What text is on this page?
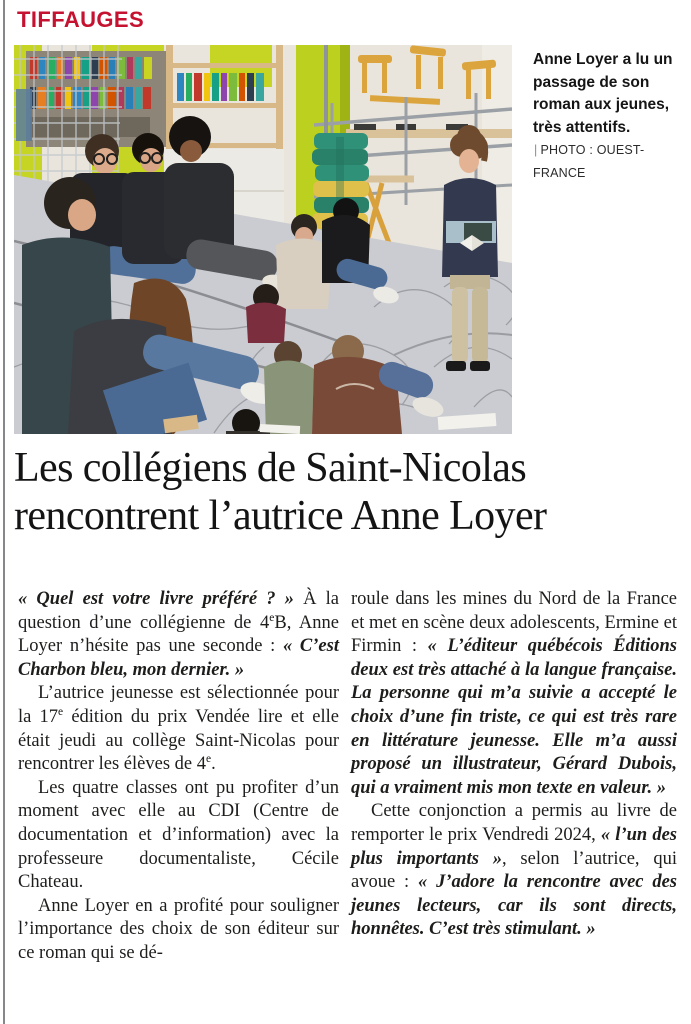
TIFFAUGES
Anne Loyer a lu un passage de son roman aux jeunes, très attentifs. | PHOTO : OUEST-FRANCE
Les collégiens de Saint-Nicolas
rencontrent l’autrice Anne Loyer

« Quel est votre livre préféré ? » À la question d’une collégienne de 4eB, Anne Loyer n’hésite pas une seconde : « C’est Charbon bleu, mon dernier. »

L’autrice jeunesse est sélectionnée pour la 17e édition du prix Vendée lire et elle était jeudi au collège Saint-Nicolas pour rencontrer les élèves de 4e.

Les quatre classes ont pu profiter d’un moment avec elle au CDI (Centre de documentation et d’information) avec la professeure documentaliste, Cécile Chateau.

Anne Loyer en a profité pour souligner l’importance des choix de son éditeur sur ce roman qui se dé-

roule dans les mines du Nord de la France et met en scène deux adolescents, Ermine et Firmin : « L’éditeur québécois Éditions deux est très attaché à la langue française. La personne qui m’a suivie a accepté le choix d’une fin triste, ce qui est très rare en littérature jeunesse. Elle m’a aussi proposé un illustrateur, Gérard Dubois, qui a vraiment mis mon texte en valeur. »

Cette conjonction a permis au livre de remporter le prix Vendredi 2024, « l’un des plus importants », selon l’autrice, qui avoue : « J’adore la rencontre avec des jeunes lecteurs, car ils sont directs, honnêtes. C’est très stimulant. »
